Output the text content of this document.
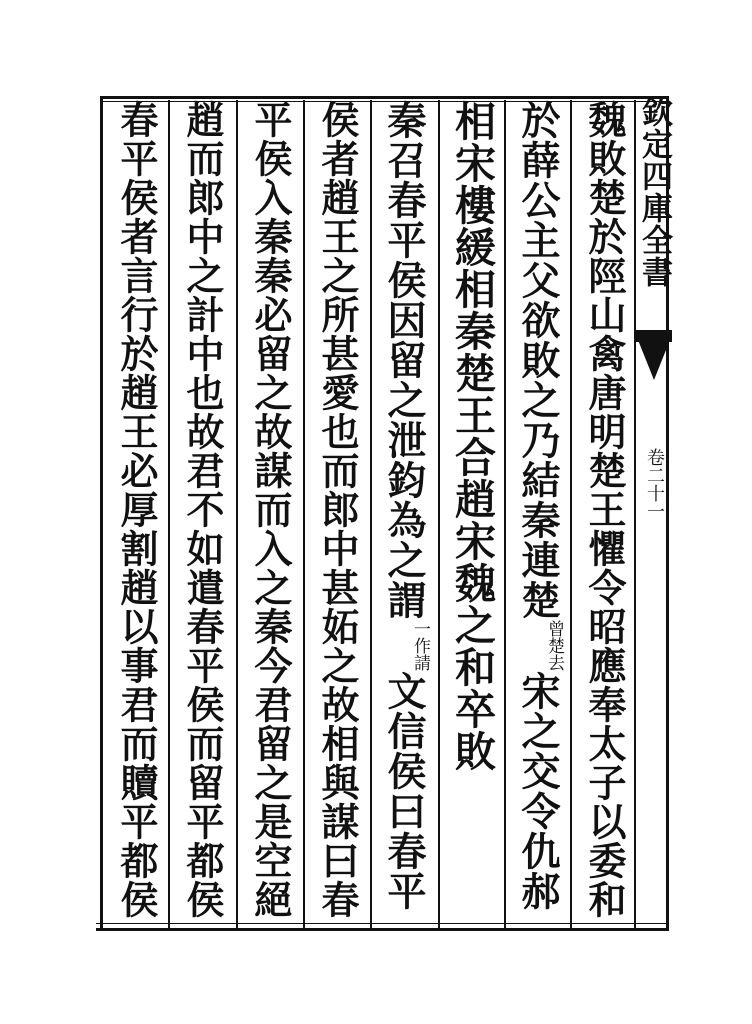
欽定四庫全書
卷二十一
魏敗楚於陘山禽唐明楚王懼令昭應奉太子以委和
於薛公主父欲敗之乃結秦連楚曾楚去宋之交令仇郝
相宋樓緩相秦楚王合趙宋魏之和卒敗
秦召春平侯因留之泄鈞為之謂一作請文信侯曰春平
侯者趙王之所甚愛也而郎中甚妬之故相與謀曰春
平侯入秦秦必留之故謀而入之秦今君留之是空絕
趙而郎中之計中也故君不如遣春平侯而留平都侯
春平侯者言行於趙王必厚割趙以事君而贖平都侯
